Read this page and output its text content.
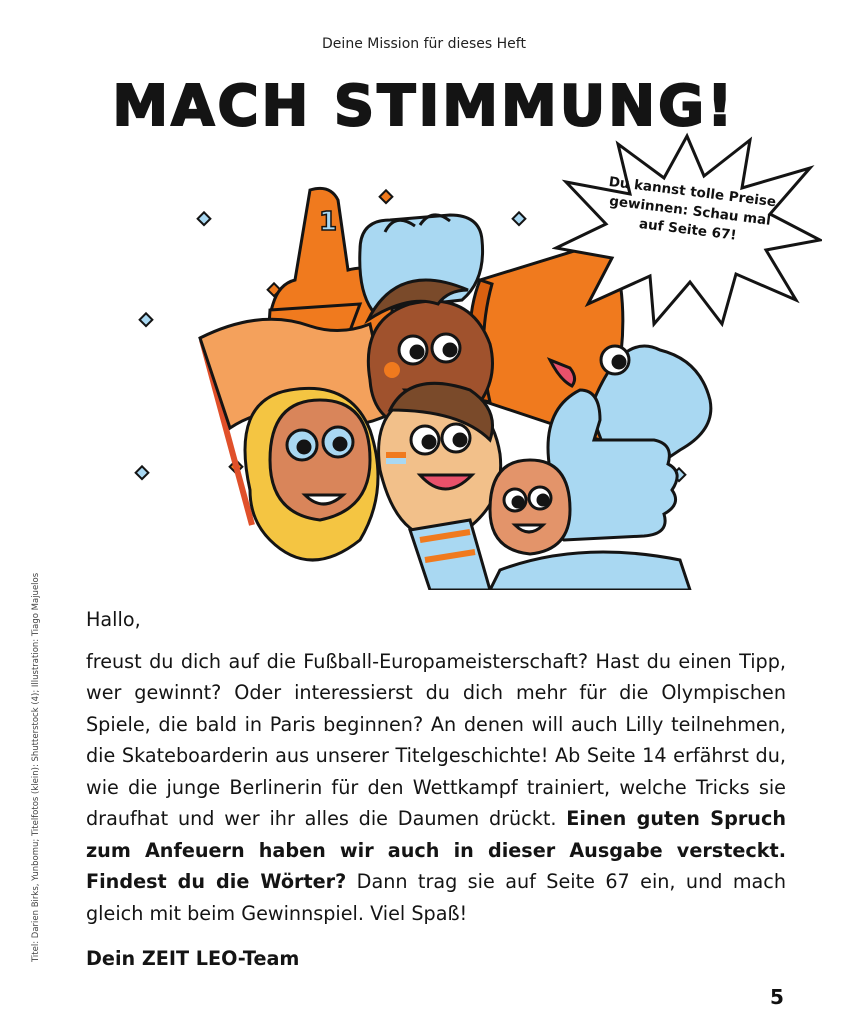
Deine Mission für dieses Heft
MACH STIMMUNG!
1
Du kannst tolle Preise
gewinnen: Schau mal
auf Seite 67!
Titel: Darien Birks, Yunbomu; Titelfotos (klein): Shutterstock (4); Illustration: Tiago Majuelos Hallo,

freust du dich auf die Fußball-Europameisterschaft? Hast du einen Tipp, wer gewinnt? Oder interessierst du dich mehr für die Olympischen Spiele, die bald in Paris beginnen? An denen will auch Lilly teilnehmen, die Skateboarderin aus unserer Titelgeschichte! Ab Seite 14 erfährst du, wie die junge Berlinerin für den Wettkampf trainiert, welche Tricks sie draufhat und wer ihr alles die Daumen drückt. Einen guten Spruch zum Anfeuern haben wir auch in dieser Ausgabe versteckt. Findest du die Wörter? Dann trag sie auf Seite 67 ein, und mach gleich mit beim Gewinnspiel. Viel Spaß!

Dein ZEIT LEO-Team

5
